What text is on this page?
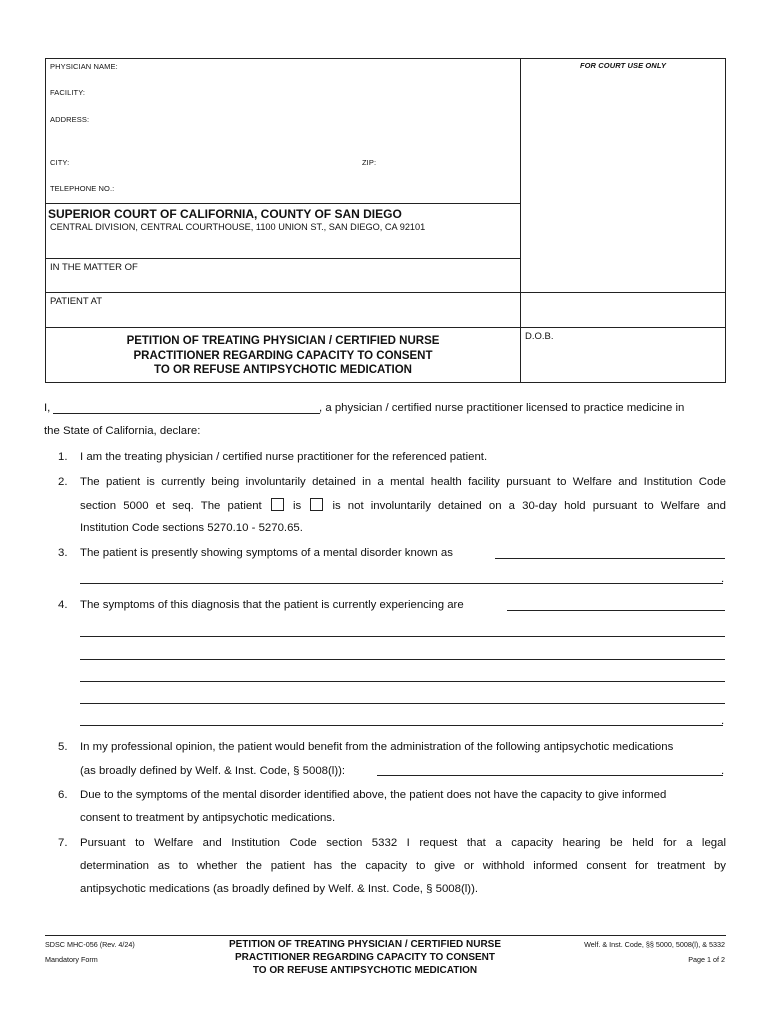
PHYSICIAN NAME:
FACILITY:
ADDRESS:
CITY:	ZIP:
TELEPHONE NO.:
FOR COURT USE ONLY
SUPERIOR COURT OF CALIFORNIA, COUNTY OF SAN DIEGO
CENTRAL DIVISION, CENTRAL COURTHOUSE, 1100 UNION ST., SAN DIEGO, CA 92101
IN THE MATTER OF
PATIENT AT
PETITION OF TREATING PHYSICIAN / CERTIFIED NURSE
PRACTITIONER REGARDING CAPACITY TO CONSENT
TO OR REFUSE ANTIPSYCHOTIC MEDICATION
D.O.B.
I,	, a physician / certified nurse practitioner licensed to practice medicine in
the State of California, declare:
1. I am the treating physician / certified nurse practitioner for the referenced patient.
2. The patient is currently being involuntarily detained in a mental health facility pursuant to Welfare and Institution Code
section 5000 et seq. The patient	is	is not involuntarily detained on a 30-day hold pursuant to Welfare and
Institution Code sections 5270.10 - 5270.65.
3. The patient is presently showing symptoms of a mental disorder known as
.
4. The symptoms of this diagnosis that the patient is currently experiencing are
.
5. In my professional opinion, the patient would benefit from the administration of the following antipsychotic medications
(as broadly defined by Welf. & Inst. Code, § 5008(l)):	.
6. Due to the symptoms of the mental disorder identified above, the patient does not have the capacity to give informed
consent to treatment by antipsychotic medications.
7. Pursuant to Welfare and Institution Code section 5332 I request that a capacity hearing be held for a legal
determination as to whether the patient has the capacity to give or withhold informed consent for treatment by
antipsychotic medications (as broadly defined by Welf. & Inst. Code, § 5008(l)).
SDSC MHC-056 (Rev. 4/24)
Mandatory Form
PETITION OF TREATING PHYSICIAN / CERTIFIED NURSE
PRACTITIONER REGARDING CAPACITY TO CONSENT
TO OR REFUSE ANTIPSYCHOTIC MEDICATION
Welf. & Inst. Code, §§ 5000, 5008(l), & 5332
Page 1 of 2
